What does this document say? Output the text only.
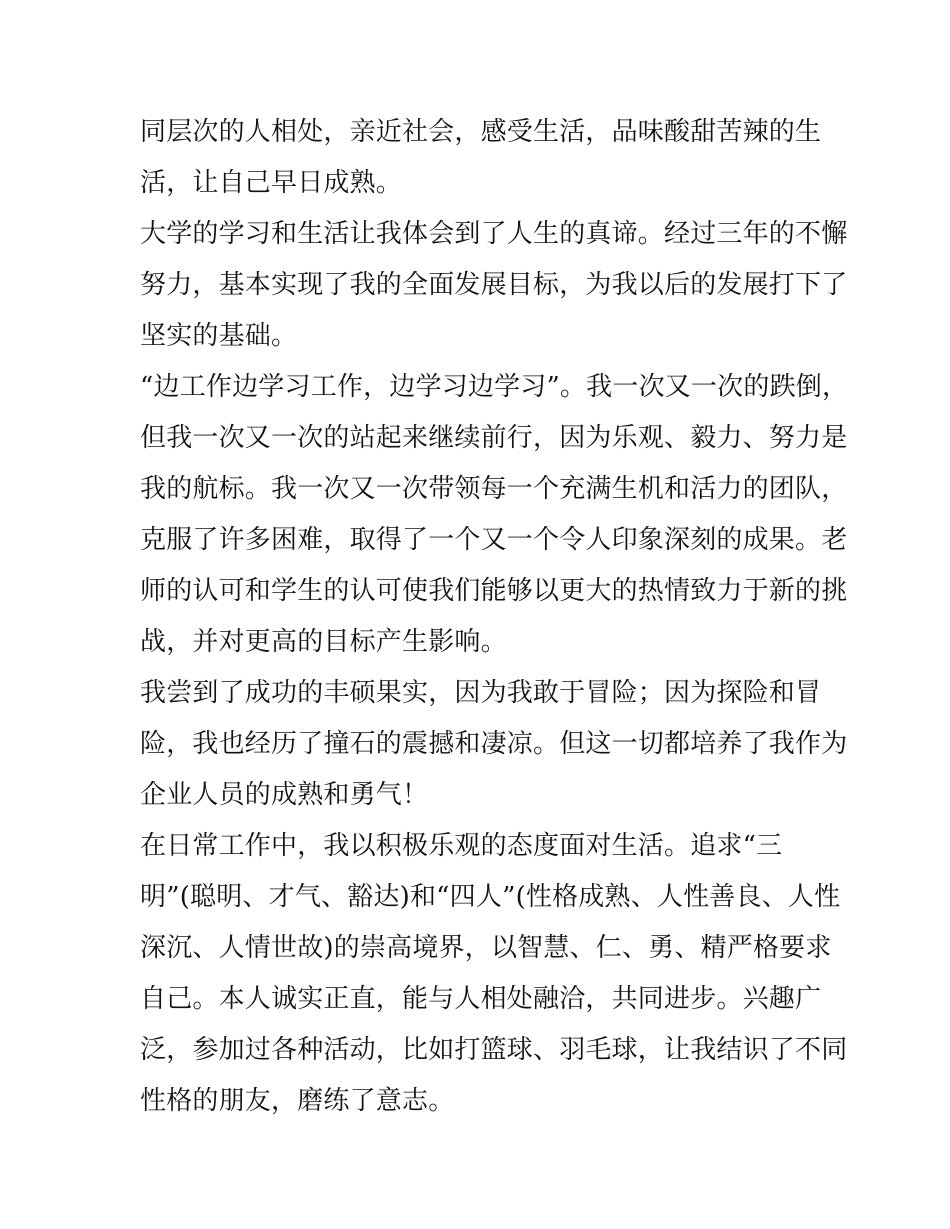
同层次的人相处，亲近社会，感受生活，品味酸甜苦辣的生
活，让自己早日成熟。
大学的学习和生活让我体会到了人生的真谛。经过三年的不懈
努力，基本实现了我的全面发展目标，为我以后的发展打下了
坚实的基础。
“边工作边学习工作，边学习边学习”。我一次又一次的跌倒，
但我一次又一次的站起来继续前行，因为乐观、毅力、努力是
我的航标。我一次又一次带领每一个充满生机和活力的团队，
克服了许多困难，取得了一个又一个令人印象深刻的成果。老
师的认可和学生的认可使我们能够以更大的热情致力于新的挑
战，并对更高的目标产生影响。
我尝到了成功的丰硕果实，因为我敢于冒险；因为探险和冒
险，我也经历了撞石的震撼和凄凉。但这一切都培养了我作为
企业人员的成熟和勇气！
在日常工作中，我以积极乐观的态度面对生活。追求“三
明”(聪明、才气、豁达)和“四人”(性格成熟、人性善良、人性
深沉、人情世故)的崇高境界，以智慧、仁、勇、精严格要求
自己。本人诚实正直，能与人相处融洽，共同进步。兴趣广
泛，参加过各种活动，比如打篮球、羽毛球，让我结识了不同
性格的朋友，磨练了意志。
